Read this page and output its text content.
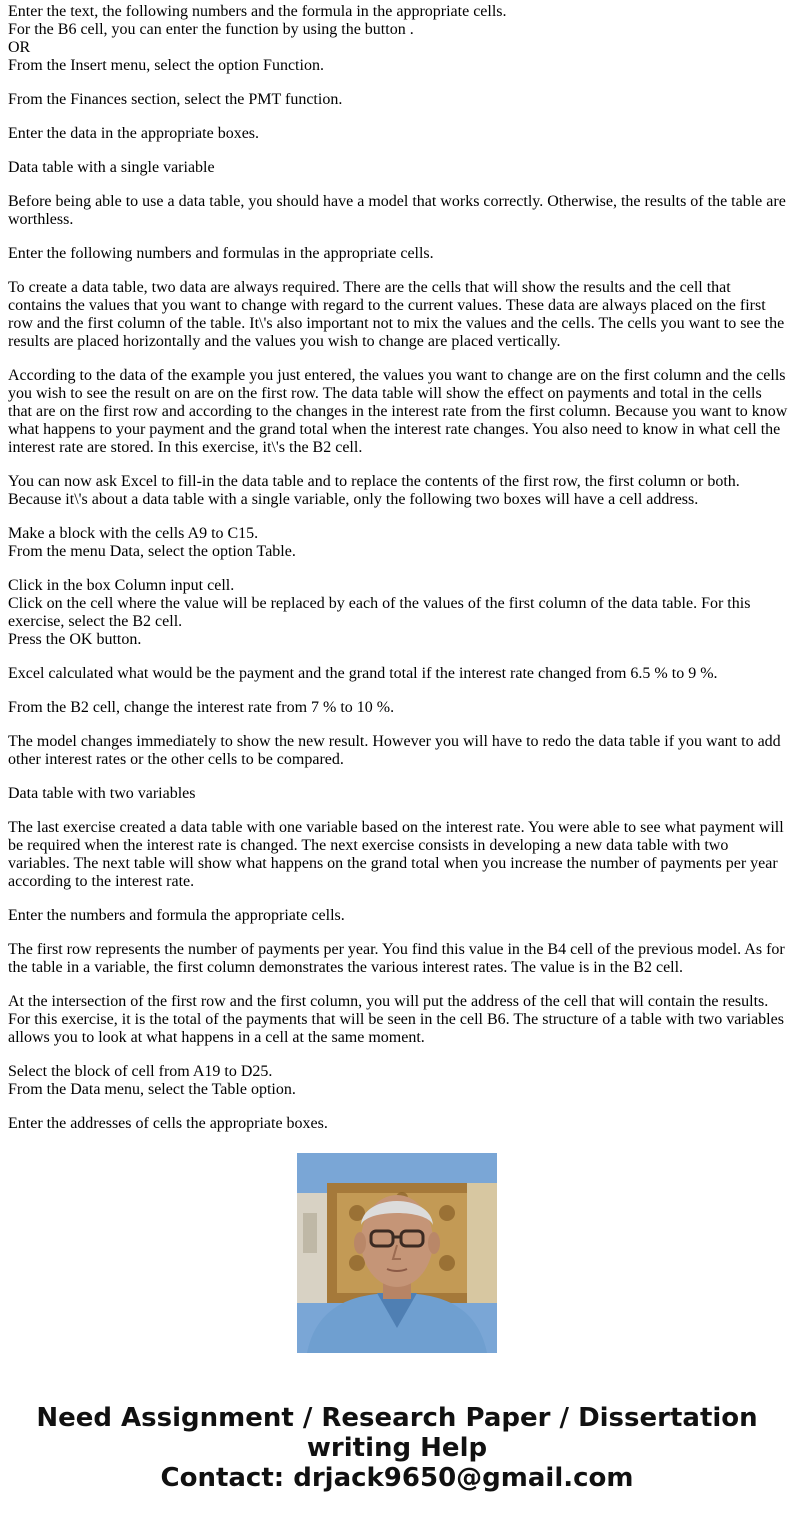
Enter the text, the following numbers and the formula in the appropriate cells.
For the B6 cell, you can enter the function by using the button .
OR
From the Insert menu, select the option Function.

From the Finances section, select the PMT function.

Enter the data in the appropriate boxes.

Data table with a single variable

Before being able to use a data table, you should have a model that works correctly. Otherwise, the results of the table are worthless.

Enter the following numbers and formulas in the appropriate cells.

To create a data table, two data are always required. There are the cells that will show the results and the cell that contains the values that you want to change with regard to the current values. These data are always placed on the first row and the first column of the table. It\'s also important not to mix the values and the cells. The cells you want to see the results are placed horizontally and the values you wish to change are placed vertically.

According to the data of the example you just entered, the values you want to change are on the first column and the cells you wish to see the result on are on the first row. The data table will show the effect on payments and total in the cells that are on the first row and according to the changes in the interest rate from the first column. Because you want to know what happens to your payment and the grand total when the interest rate changes. You also need to know in what cell the interest rate are stored. In this exercise, it\'s the B2 cell.

You can now ask Excel to fill-in the data table and to replace the contents of the first row, the first column or both. Because it\'s about a data table with a single variable, only the following two boxes will have a cell address.

Make a block with the cells A9 to C15.
From the menu Data, select the option Table.

Click in the box Column input cell.
Click on the cell where the value will be replaced by each of the values of the first column of the data table. For this exercise, select the B2 cell.
Press the OK button.

Excel calculated what would be the payment and the grand total if the interest rate changed from 6.5 % to 9 %.

From the B2 cell, change the interest rate from 7 % to 10 %.

The model changes immediately to show the new result. However you will have to redo the data table if you want to add other interest rates or the other cells to be compared.

Data table with two variables

The last exercise created a data table with one variable based on the interest rate. You were able to see what payment will be required when the interest rate is changed. The next exercise consists in developing a new data table with two variables. The next table will show what happens on the grand total when you increase the number of payments per year according to the interest rate.

Enter the numbers and formula the appropriate cells.

The first row represents the number of payments per year. You find this value in the B4 cell of the previous model. As for the table in a variable, the first column demonstrates the various interest rates. The value is in the B2 cell.

At the intersection of the first row and the first column, you will put the address of the cell that will contain the results. For this exercise, it is the total of the payments that will be seen in the cell B6. The structure of a table with two variables allows you to look at what happens in a cell at the same moment.

Select the block of cell from A19 to D25.
From the Data menu, select the Table option.

Enter the addresses of cells the appropriate boxes.

Need Assignment / Research Paper / Dissertation
writing Help
Contact: drjack9650@gmail.com
